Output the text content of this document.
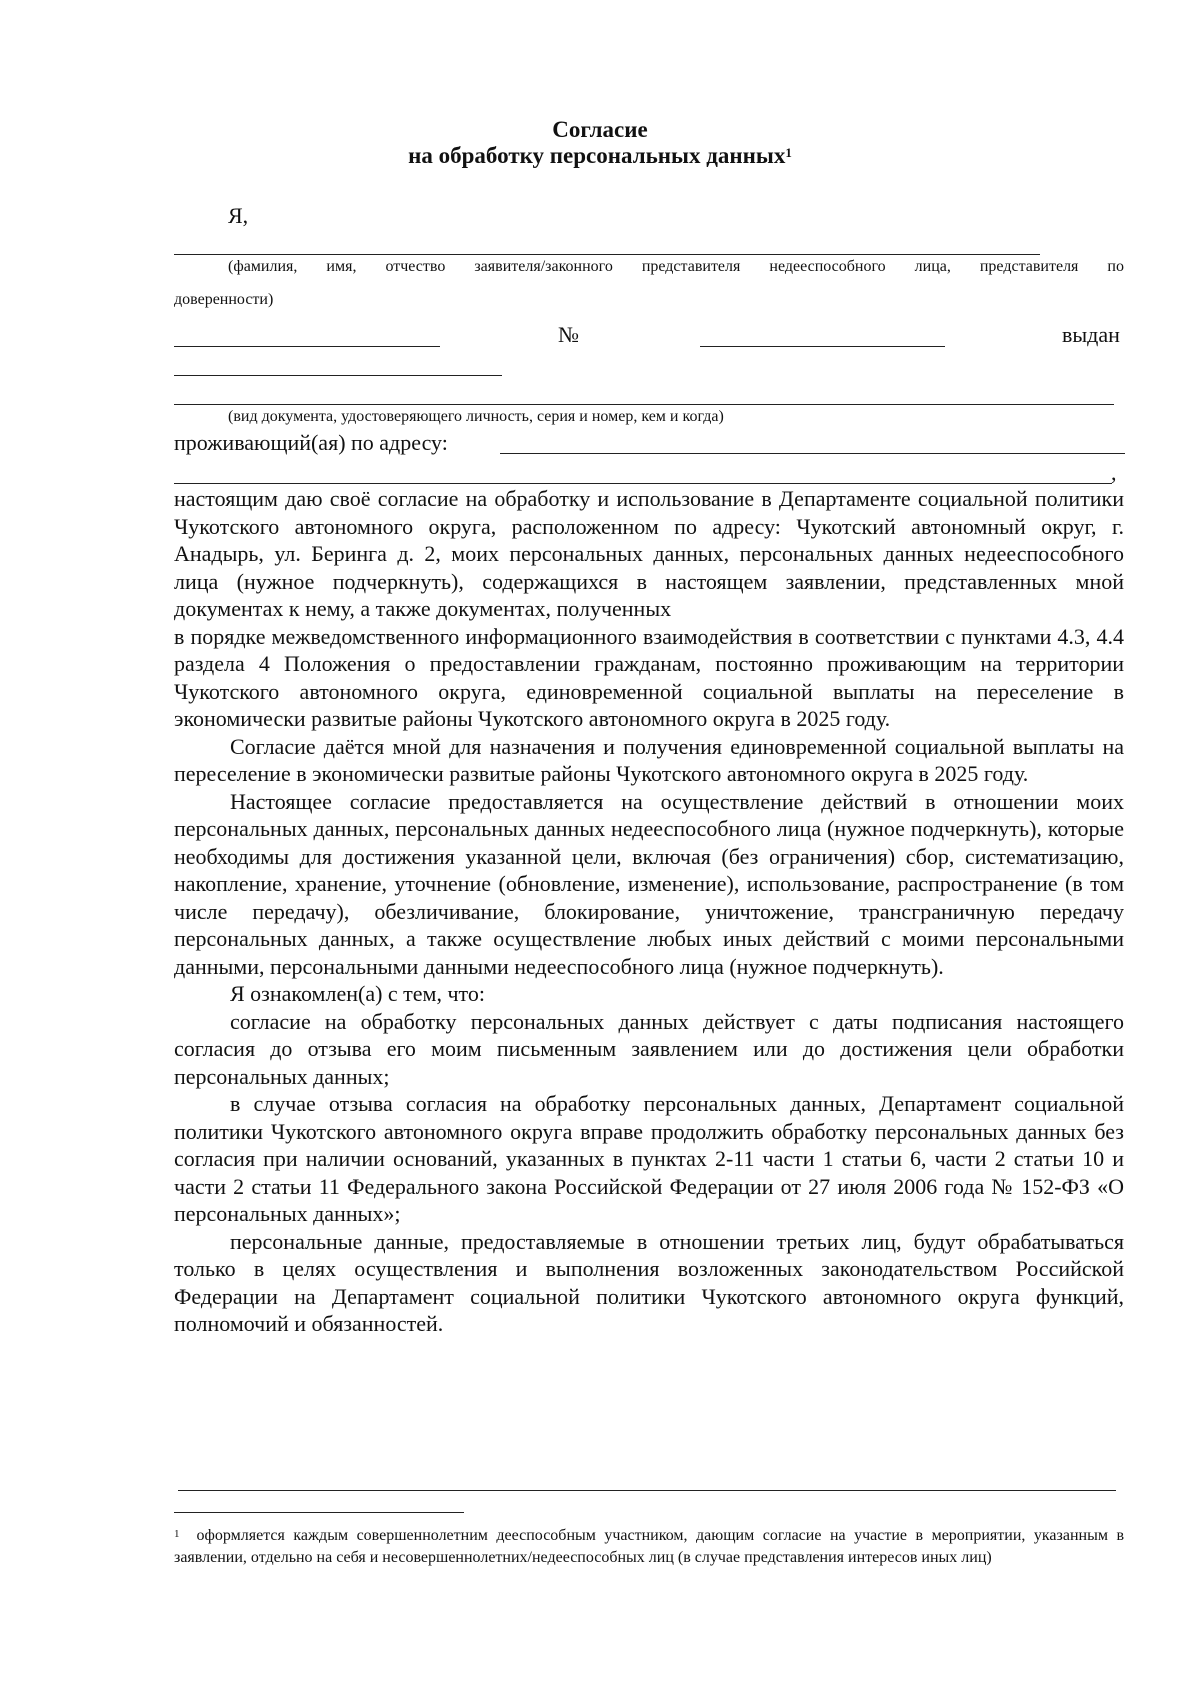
Согласие
на обработку персональных данных$^1$
Я,
(фамилия, имя, отчество заявителя/законного представителя недееспособного лица, представителя по
доверенности)
№	выдан
(вид документа, удостоверяющего личность, серия и номер, кем и когда)
проживающий(ая) по адресу:
,

настоящим даю своё согласие на обработку и использование в Департаменте социальной политики Чукотского автономного округа, расположенном по адресу: Чукотский автономный округ, г. Анадырь, ул. Беринга д. 2, моих персональных данных, персональных данных недееспособного лица (нужное подчеркнуть), содержащихся в настоящем заявлении, представленных мной документах к нему, а также документах, полученных

в порядке межведомственного информационного взаимодействия в соответствии с пунктами 4.3, 4.4 раздела 4 Положения о предоставлении гражданам, постоянно проживающим на территории Чукотского автономного округа, единовременной социальной выплаты на переселение в экономически развитые районы Чукотского автономного округа в 2025 году.

Согласие даётся мной для назначения и получения единовременной социальной выплаты на переселение в экономически развитые районы Чукотского автономного округа в 2025 году.

Настоящее согласие предоставляется на осуществление действий в отношении моих персональных данных, персональных данных недееспособного лица (нужное подчеркнуть), которые необходимы для достижения указанной цели, включая (без ограничения) сбор, систематизацию, накопление, хранение, уточнение (обновление, изменение), использование, распространение (в том числе передачу), обезличивание, блокирование, уничтожение, трансграничную передачу персональных данных, а также осуществление любых иных действий с моими персональными данными, персональными данными недееспособного лица (нужное подчеркнуть).

Я ознакомлен(а) с тем, что:

согласие на обработку персональных данных действует с даты подписания настоящего согласия до отзыва его моим письменным заявлением или до достижения цели обработки персональных данных;

в случае отзыва согласия на обработку персональных данных, Департамент социальной политики Чукотского автономного округа вправе продолжить обработку персональных данных без согласия при наличии оснований, указанных в пунктах 2-11 части 1 статьи 6, части 2 статьи 10 и части 2 статьи 11 Федерального закона Российской Федерации от 27 июля 2006 года № 152-ФЗ «О персональных данных»;

персональные данные, предоставляемые в отношении третьих лиц, будут обрабатываться только в целях осуществления и выполнения возложенных законодательством Российской Федерации на Департамент социальной политики Чукотского автономного округа функций, полномочий и обязанностей.

$^1$ оформляется каждым совершеннолетним дееспособным участником, дающим согласие на участие в мероприятии, указанным в заявлении, отдельно на себя и несовершеннолетних/недееспособных лиц (в случае представления интересов иных лиц)
